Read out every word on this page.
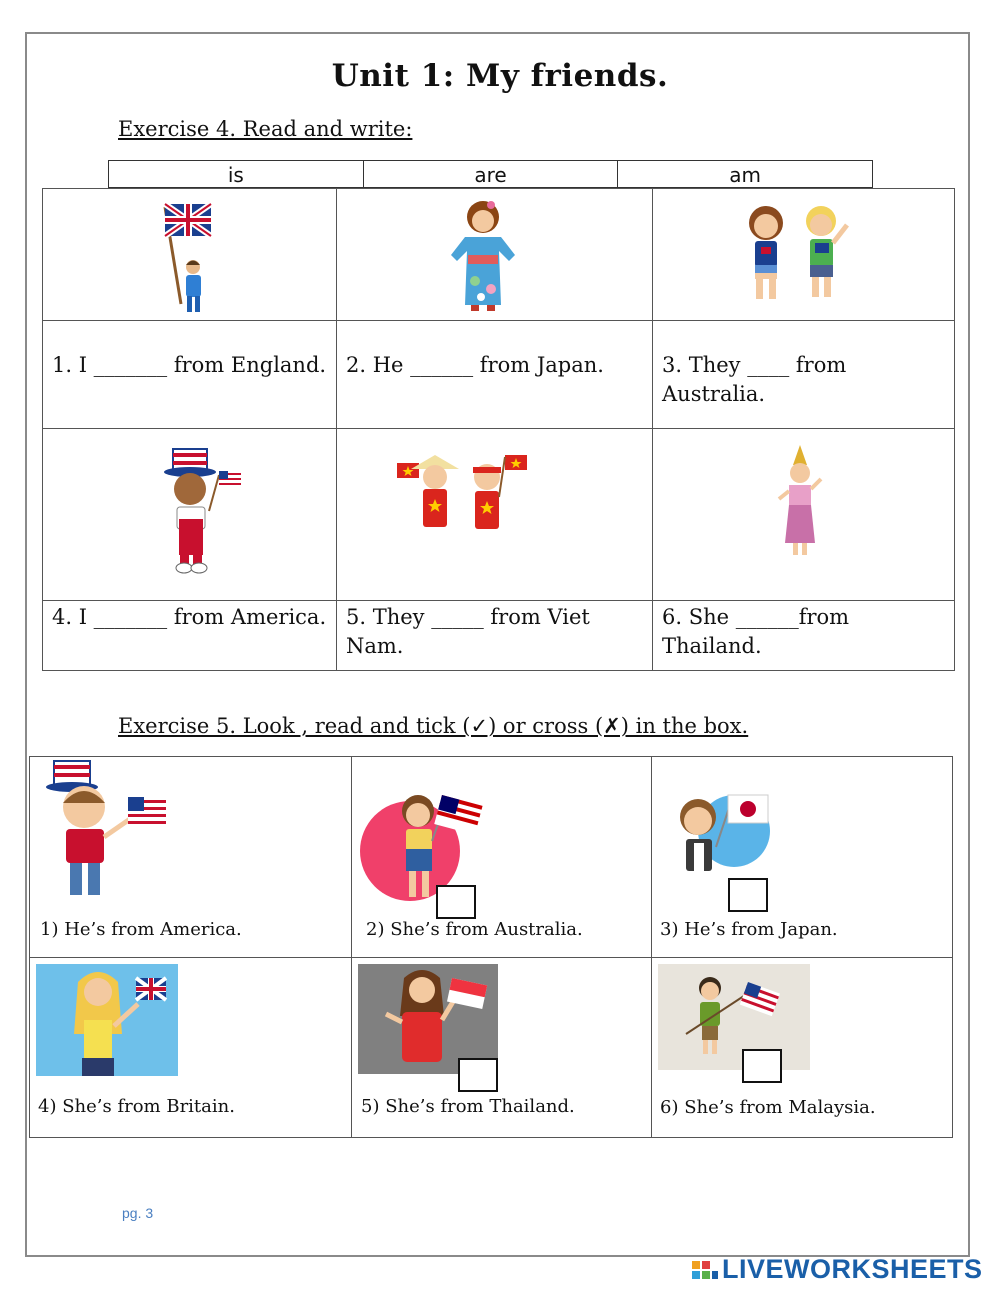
Unit 1: My friends.
Exercise 4. Read and write:
is	are	am

1. I _______ from England.	2. He ______ from Japan.	3. They ____ from Australia.

4. I _______ from America.	5. They _____ from Viet Nam.	6. She ______from Thailand.
Exercise 5. Look , read and tick (✓) or cross (✗) in the box.
1) He’s from America.	2) She’s from Australia.	3) He’s from Japan.

4) She’s from Britain.	5) She’s from Thailand.	6) She’s from Malaysia.
pg. 3
LIVEWORKSHEETS
